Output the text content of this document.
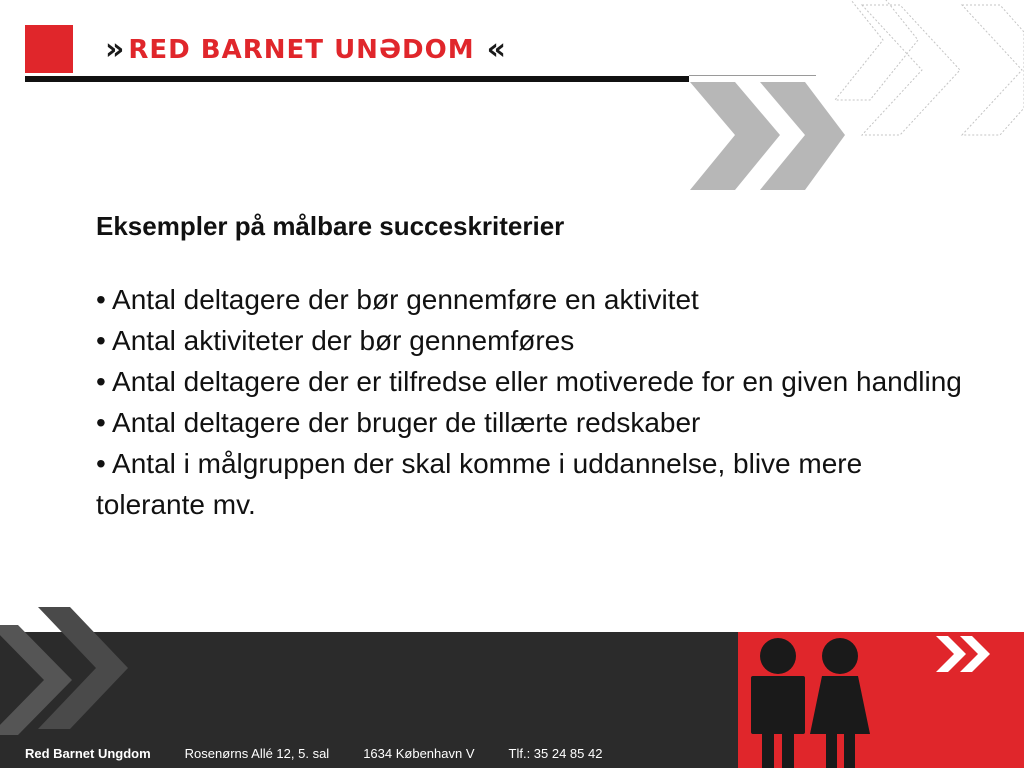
» RED BARNET UNƏDOM «
Eksempler på målbare succeskriterier
• Antal deltagere der bør gennemføre en aktivitet
• Antal aktiviteter der bør gennemføres
• Antal deltagere der er tilfredse eller motiverede for en given handling
• Antal deltagere der bruger de tillærte redskaber
• Antal i målgruppen der skal komme i uddannelse, blive mere tolerante mv.
Red Barnet Ungdom	Rosenørns Allé 12, 5. sal	1634 København V	Tlf.: 35 24 85 42
